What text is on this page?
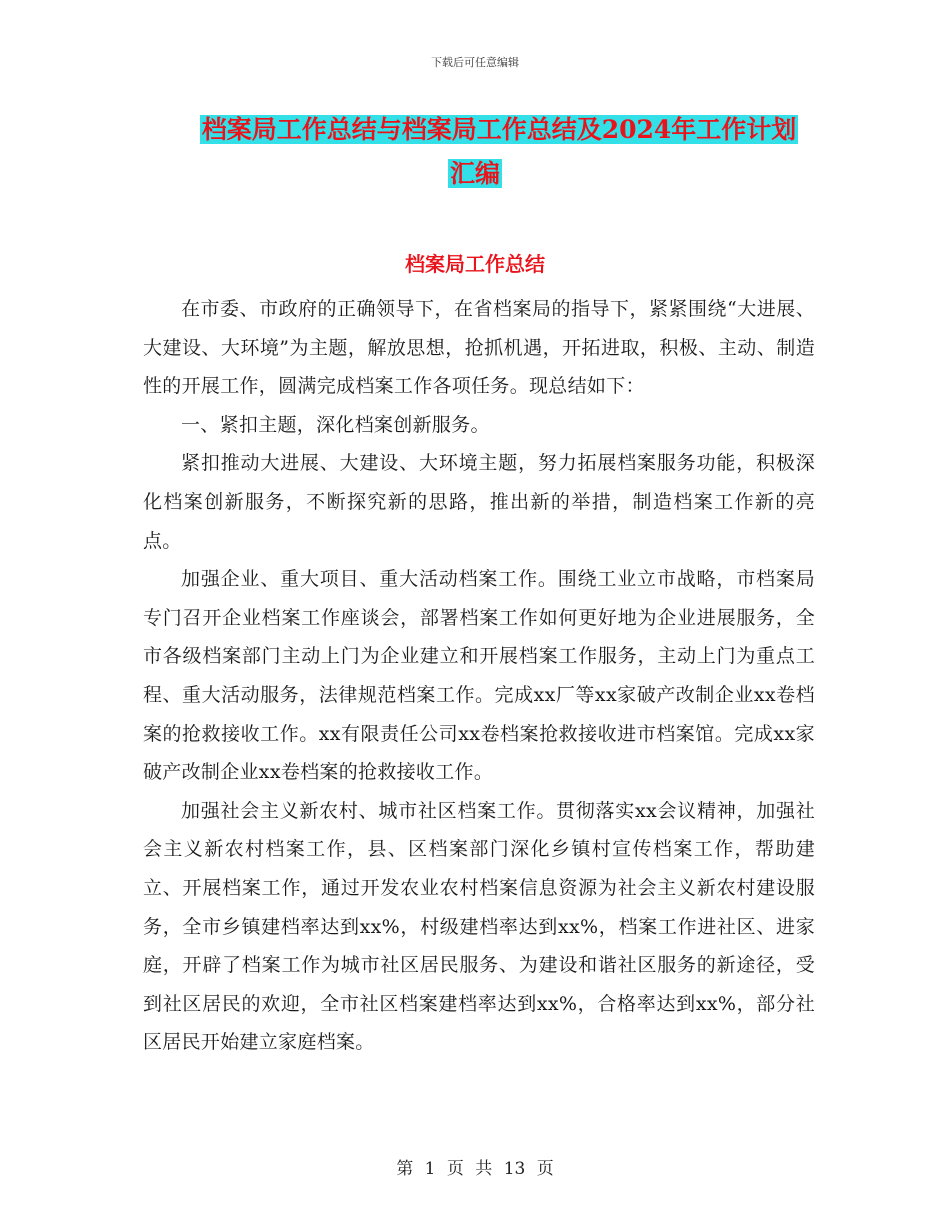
下载后可任意编辑
档案局工作总结与档案局工作总结及2024年工作计划
汇编
档案局工作总结

在市委、市政府的正确领导下，在省档案局的指导下，紧紧围绕“大进展、大建设、大环境”为主题，解放思想，抢抓机遇，开拓进取，积极、主动、制造性的开展工作，圆满完成档案工作各项任务。现总结如下：

一、紧扣主题，深化档案创新服务。

紧扣推动大进展、大建设、大环境主题，努力拓展档案服务功能，积极深化档案创新服务，不断探究新的思路，推出新的举措，制造档案工作新的亮点。

加强企业、重大项目、重大活动档案工作。围绕工业立市战略，市档案局专门召开企业档案工作座谈会，部署档案工作如何更好地为企业进展服务，全市各级档案部门主动上门为企业建立和开展档案工作服务，主动上门为重点工程、重大活动服务，法律规范档案工作。完成xx厂等xx家破产改制企业xx卷档案的抢救接收工作。xx有限责任公司xx卷档案抢救接收进市档案馆。完成xx家破产改制企业xx卷档案的抢救接收工作。

加强社会主义新农村、城市社区档案工作。贯彻落实xx会议精神，加强社会主义新农村档案工作，县、区档案部门深化乡镇村宣传档案工作，帮助建立、开展档案工作，通过开发农业农村档案信息资源为社会主义新农村建设服务，全市乡镇建档率达到xx%，村级建档率达到xx%，档案工作进社区、进家庭，开辟了档案工作为城市社区居民服务、为建设和谐社区服务的新途径，受到社区居民的欢迎，全市社区档案建档率达到xx%，合格率达到xx%，部分社区居民开始建立家庭档案。

第 1 页 共 13 页
